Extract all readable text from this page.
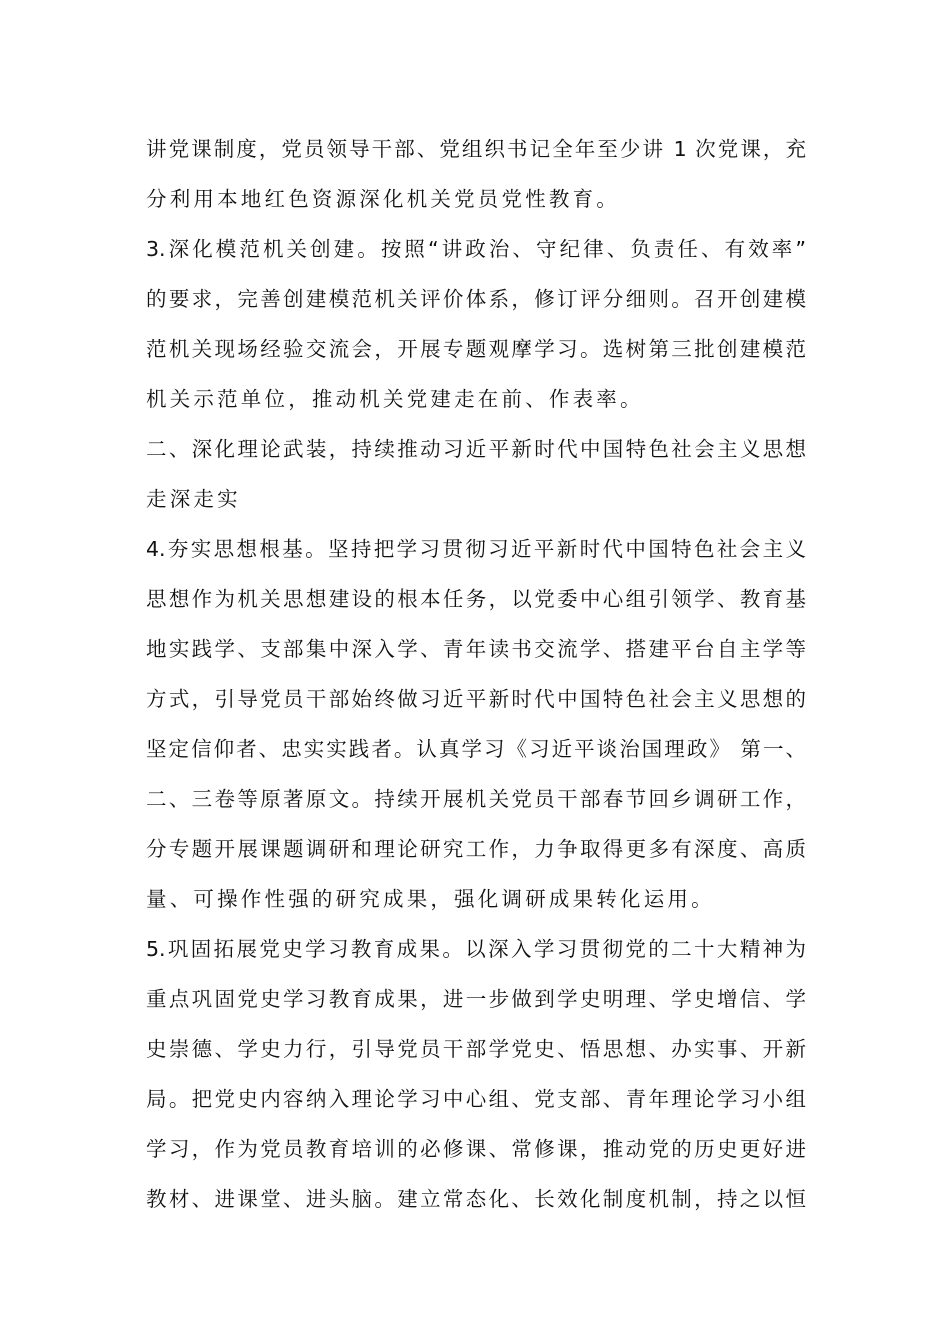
讲党课制度，党员领导干部、党组织书记全年至少讲 1 次党课，充
分利用本地红色资源深化机关党员党性教育。
3.深化模范机关创建。按照“讲政治、守纪律、负责任、有效率”
的要求，完善创建模范机关评价体系，修订评分细则。召开创建模
范机关现场经验交流会，开展专题观摩学习。选树第三批创建模范
机关示范单位，推动机关党建走在前、作表率。
二、深化理论武装，持续推动习近平新时代中国特色社会主义思想
走深走实
4.夯实思想根基。坚持把学习贯彻习近平新时代中国特色社会主义
思想作为机关思想建设的根本任务，以党委中心组引领学、教育基
地实践学、支部集中深入学、青年读书交流学、搭建平台自主学等
方式，引导党员干部始终做习近平新时代中国特色社会主义思想的
坚定信仰者、忠实实践者。认真学习《习近平谈治国理政》 第一、
二、三卷等原著原文。持续开展机关党员干部春节回乡调研工作，
分专题开展课题调研和理论研究工作，力争取得更多有深度、高质
量、可操作性强的研究成果，强化调研成果转化运用。
5.巩固拓展党史学习教育成果。以深入学习贯彻党的二十大精神为
重点巩固党史学习教育成果，进一步做到学史明理、学史增信、学
史崇德、学史力行，引导党员干部学党史、悟思想、办实事、开新
局。把党史内容纳入理论学习中心组、党支部、青年理论学习小组
学习，作为党员教育培训的必修课、常修课，推动党的历史更好进
教材、进课堂、进头脑。建立常态化、长效化制度机制，持之以恒
